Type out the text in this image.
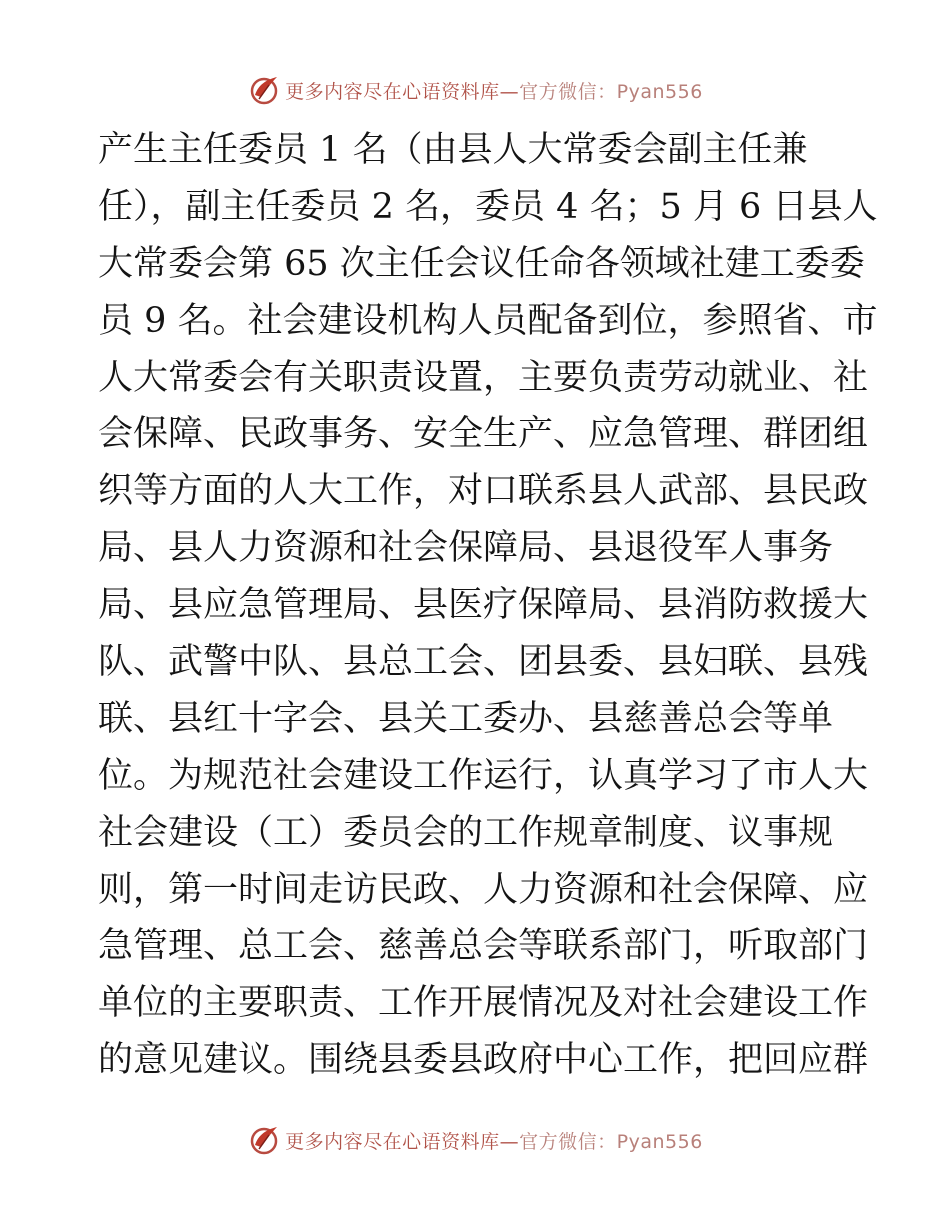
更多内容尽在心语资料库—官方微信：Pyan556
产生主任委员 1 名（由县人大常委会副主任兼
任），副主任委员 2 名，委员 4 名；5 月 6 日县人
大常委会第 65 次主任会议任命各领域社建工委委
员 9 名。社会建设机构人员配备到位，参照省、市
人大常委会有关职责设置，主要负责劳动就业、社
会保障、民政事务、安全生产、应急管理、群团组
织等方面的人大工作，对口联系县人武部、县民政
局、县人力资源和社会保障局、县退役军人事务
局、县应急管理局、县医疗保障局、县消防救援大
队、武警中队、县总工会、团县委、县妇联、县残
联、县红十字会、县关工委办、县慈善总会等单
位。为规范社会建设工作运行，认真学习了市人大
社会建设（工）委员会的工作规章制度、议事规
则，第一时间走访民政、人力资源和社会保障、应
急管理、总工会、慈善总会等联系部门，听取部门
单位的主要职责、工作开展情况及对社会建设工作
的意见建议。围绕县委县政府中心工作，把回应群
更多内容尽在心语资料库—官方微信：Pyan556
